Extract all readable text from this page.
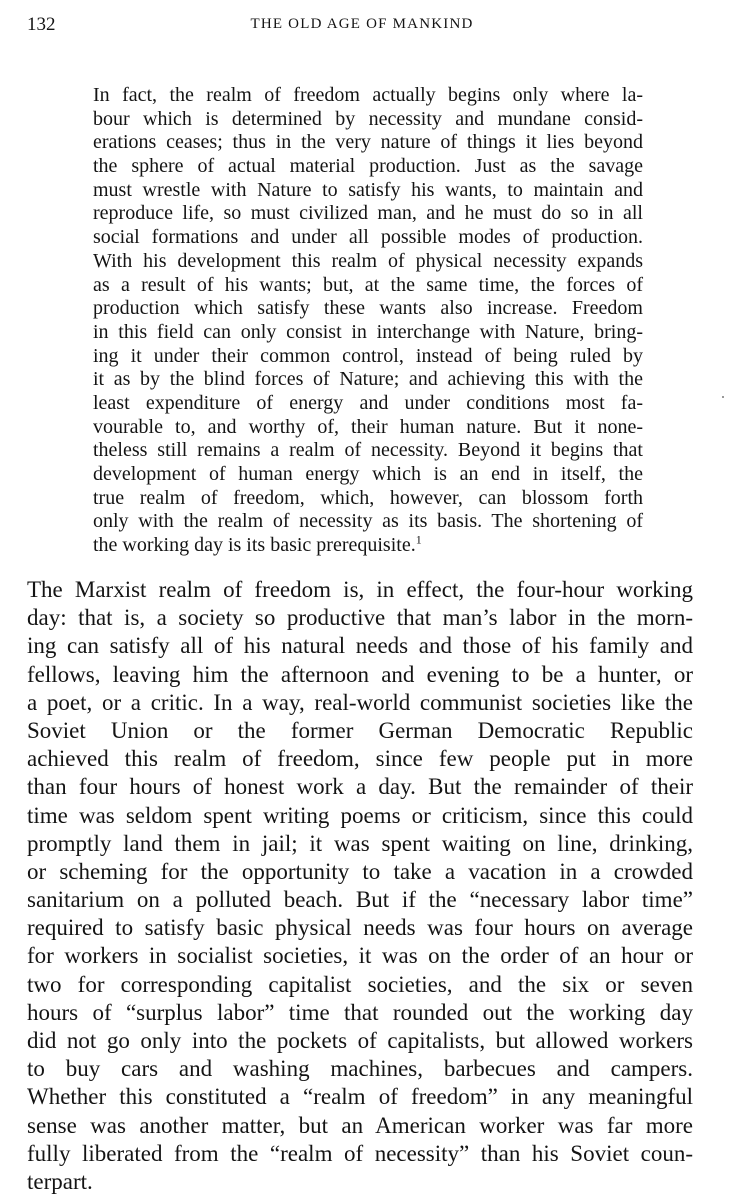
132	THE OLD AGE OF MANKIND
In fact, the realm of freedom actually begins only where la-
bour which is determined by necessity and mundane consid-
erations ceases; thus in the very nature of things it lies beyond
the sphere of actual material production. Just as the savage
must wrestle with Nature to satisfy his wants, to maintain and
reproduce life, so must civilized man, and he must do so in all
social formations and under all possible modes of production.
With his development this realm of physical necessity expands
as a result of his wants; but, at the same time, the forces of
production which satisfy these wants also increase. Freedom
in this field can only consist in interchange with Nature, bring-
ing it under their common control, instead of being ruled by
it as by the blind forces of Nature; and achieving this with the
least expenditure of energy and under conditions most fa-
vourable to, and worthy of, their human nature. But it none-
theless still remains a realm of necessity. Beyond it begins that
development of human energy which is an end in itself, the
true realm of freedom, which, however, can blossom forth
only with the realm of necessity as its basis. The shortening of
the working day is its basic prerequisite.$^1$
The Marxist realm of freedom is, in effect, the four-hour working
day: that is, a society so productive that man’s labor in the morn-
ing can satisfy all of his natural needs and those of his family and
fellows, leaving him the afternoon and evening to be a hunter, or
a poet, or a critic. In a way, real-world communist societies like the
Soviet Union or the former German Democratic Republic
achieved this realm of freedom, since few people put in more
than four hours of honest work a day. But the remainder of their
time was seldom spent writing poems or criticism, since this could
promptly land them in jail; it was spent waiting on line, drinking,
or scheming for the opportunity to take a vacation in a crowded
sanitarium on a polluted beach. But if the “necessary labor time”
required to satisfy basic physical needs was four hours on average
for workers in socialist societies, it was on the order of an hour or
two for corresponding capitalist societies, and the six or seven
hours of “surplus labor” time that rounded out the working day
did not go only into the pockets of capitalists, but allowed workers
to buy cars and washing machines, barbecues and campers.
Whether this constituted a “realm of freedom” in any meaningful
sense was another matter, but an American worker was far more
fully liberated from the “realm of necessity” than his Soviet coun-
terpart.
